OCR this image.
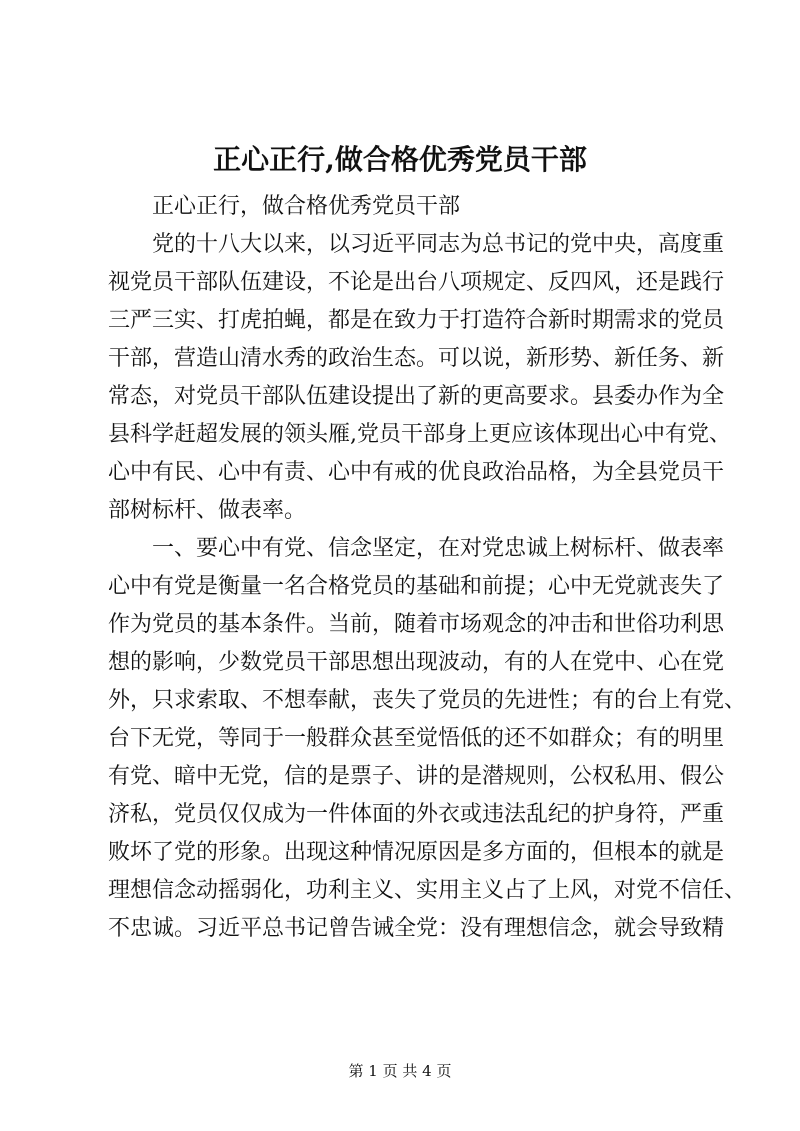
正心正行,做合格优秀党员干部
正心正行，做合格优秀党员干部
党的十八大以来，以习近平同志为总书记的党中央，高度重
视党员干部队伍建设，不论是出台八项规定、反四风，还是践行
三严三实、打虎拍蝇，都是在致力于打造符合新时期需求的党员
干部，营造山清水秀的政治生态。可以说，新形势、新任务、新
常态，对党员干部队伍建设提出了新的更高要求。县委办作为全
县科学赶超发展的领头雁,党员干部身上更应该体现出心中有党、
心中有民、心中有责、心中有戒的优良政治品格，为全县党员干
部树标杆、做表率。
一、要心中有党、信念坚定，在对党忠诚上树标杆、做表率
心中有党是衡量一名合格党员的基础和前提；心中无党就丧失了
作为党员的基本条件。当前，随着市场观念的冲击和世俗功利思
想的影响，少数党员干部思想出现波动，有的人在党中、心在党
外，只求索取、不想奉献，丧失了党员的先进性；有的台上有党、
台下无党，等同于一般群众甚至觉悟低的还不如群众；有的明里
有党、暗中无党，信的是票子、讲的是潜规则，公权私用、假公
济私，党员仅仅成为一件体面的外衣或违法乱纪的护身符，严重
败坏了党的形象。出现这种情况原因是多方面的，但根本的就是
理想信念动摇弱化，功利主义、实用主义占了上风，对党不信任、
不忠诚。习近平总书记曾告诫全党：没有理想信念，就会导致精
第 1 页 共 4 页
